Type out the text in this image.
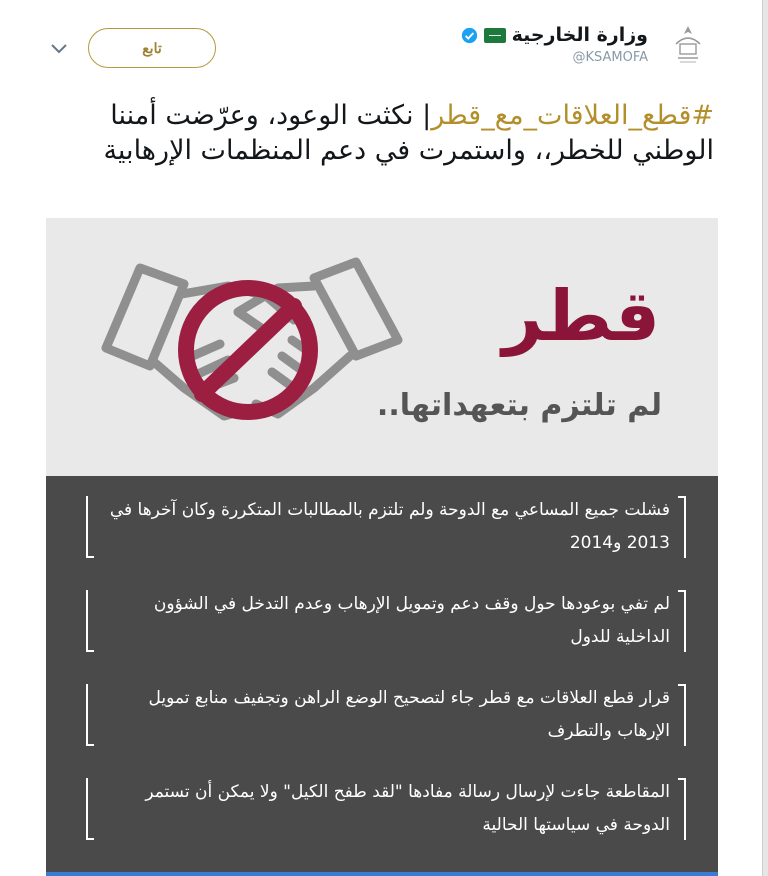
تابع
وزارة الخارجية
@KSAMOFA
#قطع_العلاقات_مع_قطر| نكثت الوعود، وعرّضت أمننا الوطني للخطر،، واستمرت في دعم المنظمات الإرهابية
قطر
لم تلتزم بتعهداتها..
فشلت جميع المساعي مع الدوحة ولم تلتزم بالمطالبات المتكررة وكان آخرها في 2013 و2014
لم تفي بوعودها حول وقف دعم وتمويل الإرهاب وعدم التدخل في الشؤون الداخلية للدول
قرار قطع العلاقات مع قطر جاء لتصحيح الوضع الراهن وتجفيف منابع تمويل الإرهاب والتطرف
المقاطعة جاءت لإرسال رسالة مفادها "لقد طفح الكيل" ولا يمكن أن تستمر الدوحة في سياستها الحالية
